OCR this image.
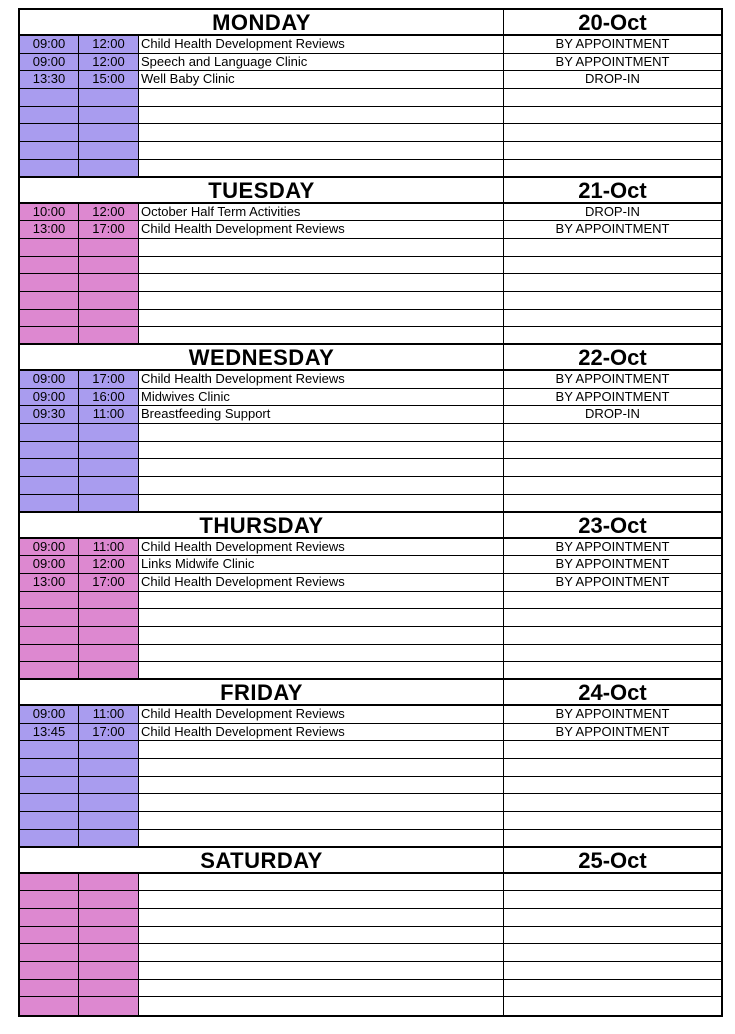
MONDAY	20-Oct
09:00	12:00	Child Health Development Reviews	BY APPOINTMENT
09:00	12:00	Speech and Language Clinic	BY APPOINTMENT
13:30	15:00	Well Baby Clinic	DROP-IN
TUESDAY	21-Oct
10:00	12:00	October Half Term Activities	DROP-IN
13:00	17:00	Child Health Development Reviews	BY APPOINTMENT
WEDNESDAY	22-Oct
09:00	17:00	Child Health Development Reviews	BY APPOINTMENT
09:00	16:00	Midwives Clinic	BY APPOINTMENT
09:30	11:00	Breastfeeding Support	DROP-IN
THURSDAY	23-Oct
09:00	11:00	Child Health Development Reviews	BY APPOINTMENT
09:00	12:00	Links Midwife Clinic	BY APPOINTMENT
13:00	17:00	Child Health Development Reviews	BY APPOINTMENT
FRIDAY	24-Oct
09:00	11:00	Child Health Development Reviews	BY APPOINTMENT
13:45	17:00	Child Health Development Reviews	BY APPOINTMENT
SATURDAY	25-Oct
